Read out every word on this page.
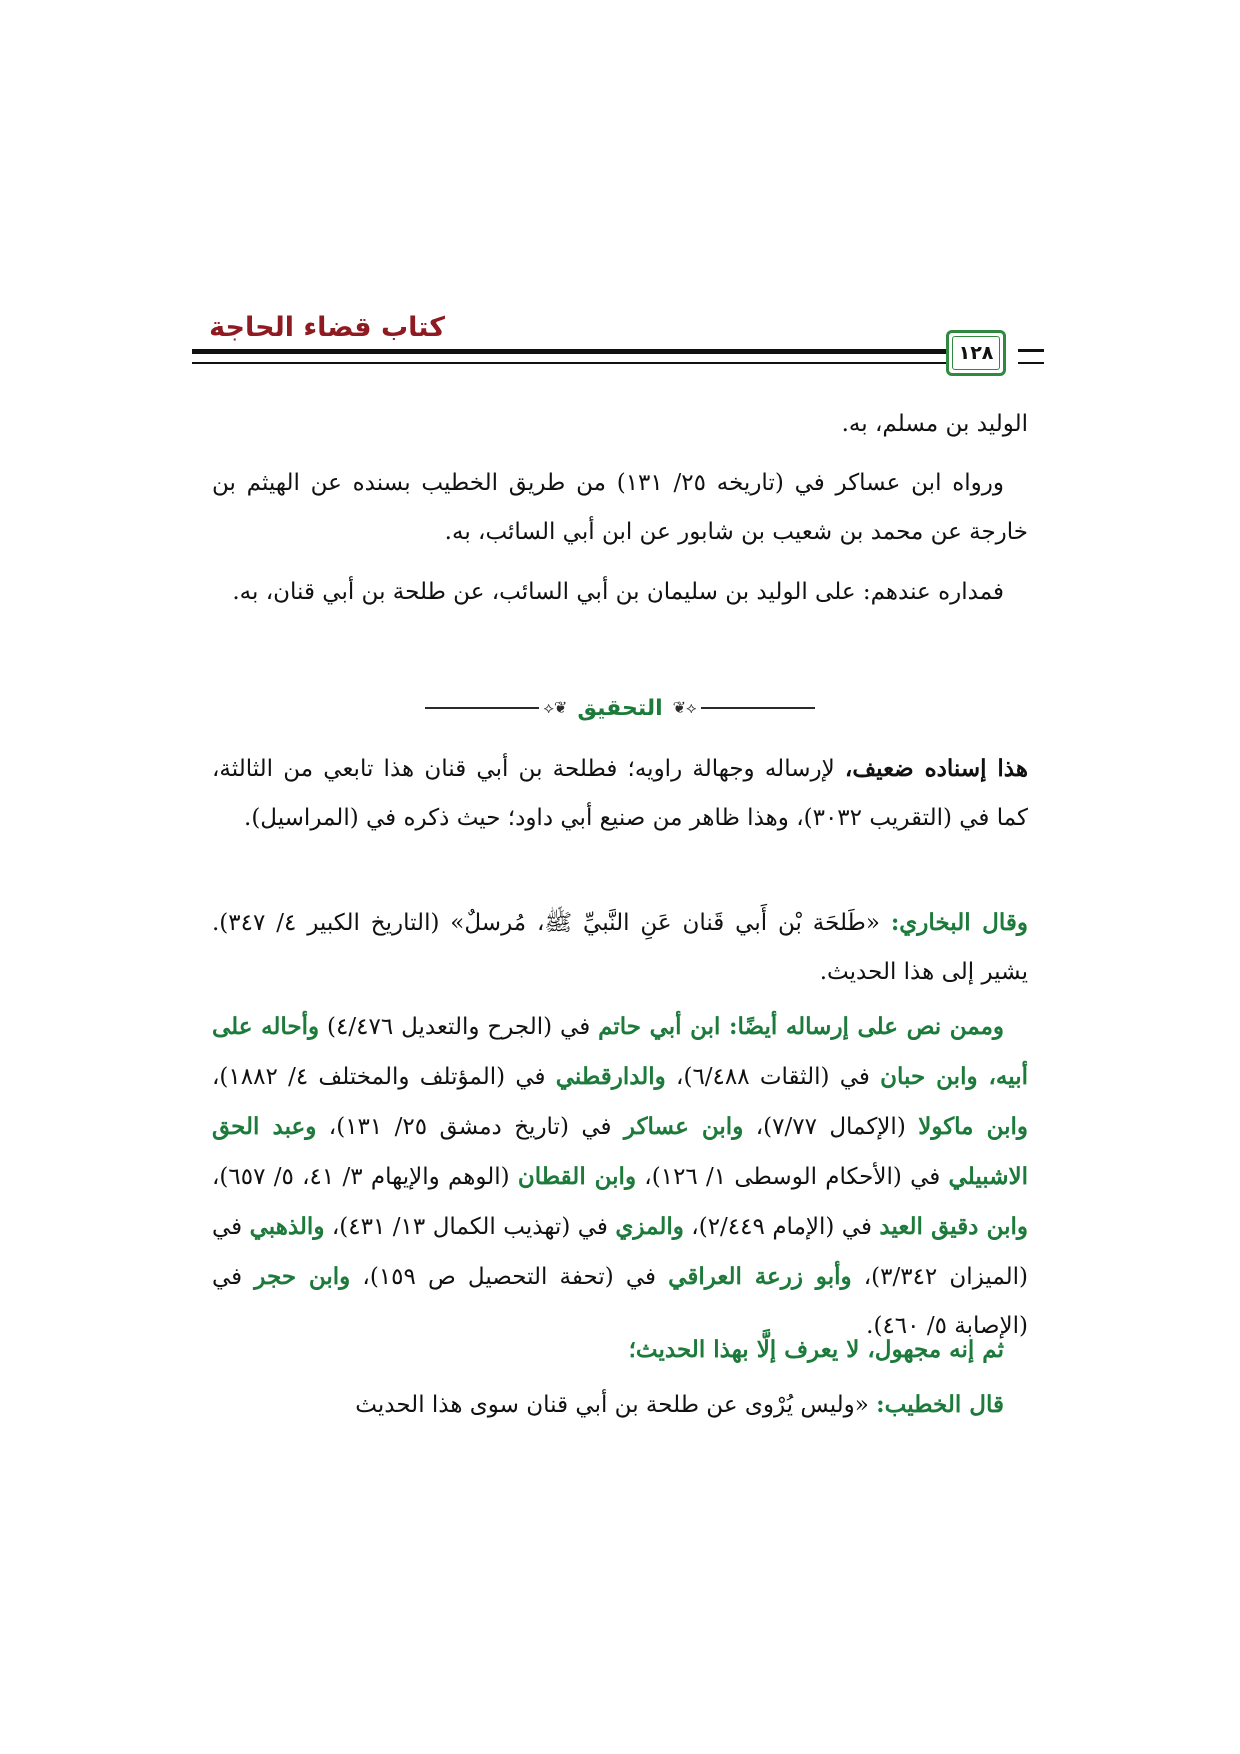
كتاب قضاء الحاجة
١٢٨

الوليد بن مسلم، به.

ورواه ابن عساكر في (تاريخه ٢٥/ ١٣١) من طريق الخطيب بسنده عن الهيثم بن خارجة عن محمد بن شعيب بن شابور عن ابن أبي السائب، به.

فمداره عندهم: على الوليد بن سليمان بن أبي السائب، عن طلحة بن أبي قنان، به.

⟡❦
التحقيق
❦⟡

هذا إسناده ضعيف، لإرساله وجهالة راويه؛ فطلحة بن أبي قنان هذا تابعي من الثالثة، كما في (التقريب ٣٠٣٢)، وهذا ظاهر من صنيع أبي داود؛ حيث ذكره في (المراسيل).

وقال البخاري: «طَلحَة بْن أَبي قَنان عَنِ النَّبيِّ ﷺ، مُرسلٌ» (التاريخ الكبير ٤/ ٣٤٧). يشير إلى هذا الحديث.

وممن نص على إرساله أيضًا: ابن أبي حاتم في (الجرح والتعديل ٤/٤٧٦) وأحاله على أبيه، وابن حبان في (الثقات ٦/٤٨٨)، والدارقطني في (المؤتلف والمختلف ٤/ ١٨٨٢)، وابن ماكولا (الإكمال ٧/٧٧)، وابن عساكر في (تاريخ دمشق ٢٥/ ١٣١)، وعبد الحق الاشبيلي في (الأحكام الوسطى ١/ ١٢٦)، وابن القطان (الوهم والإيهام ٣/ ٤١، ٥/ ٦٥٧)، وابن دقيق العيد في (الإمام ٢/٤٤٩)، والمزي في (تهذيب الكمال ١٣/ ٤٣١)، والذهبي في (الميزان ٣/٣٤٢)، وأبو زرعة العراقي في (تحفة التحصيل ص ١٥٩)، وابن حجر في (الإصابة ٥/ ٤٦٠).

ثم إنه مجهول، لا يعرف إلَّا بهذا الحديث؛

قال الخطيب: «وليس يُرْوى عن طلحة بن أبي قنان سوى هذا الحديث
